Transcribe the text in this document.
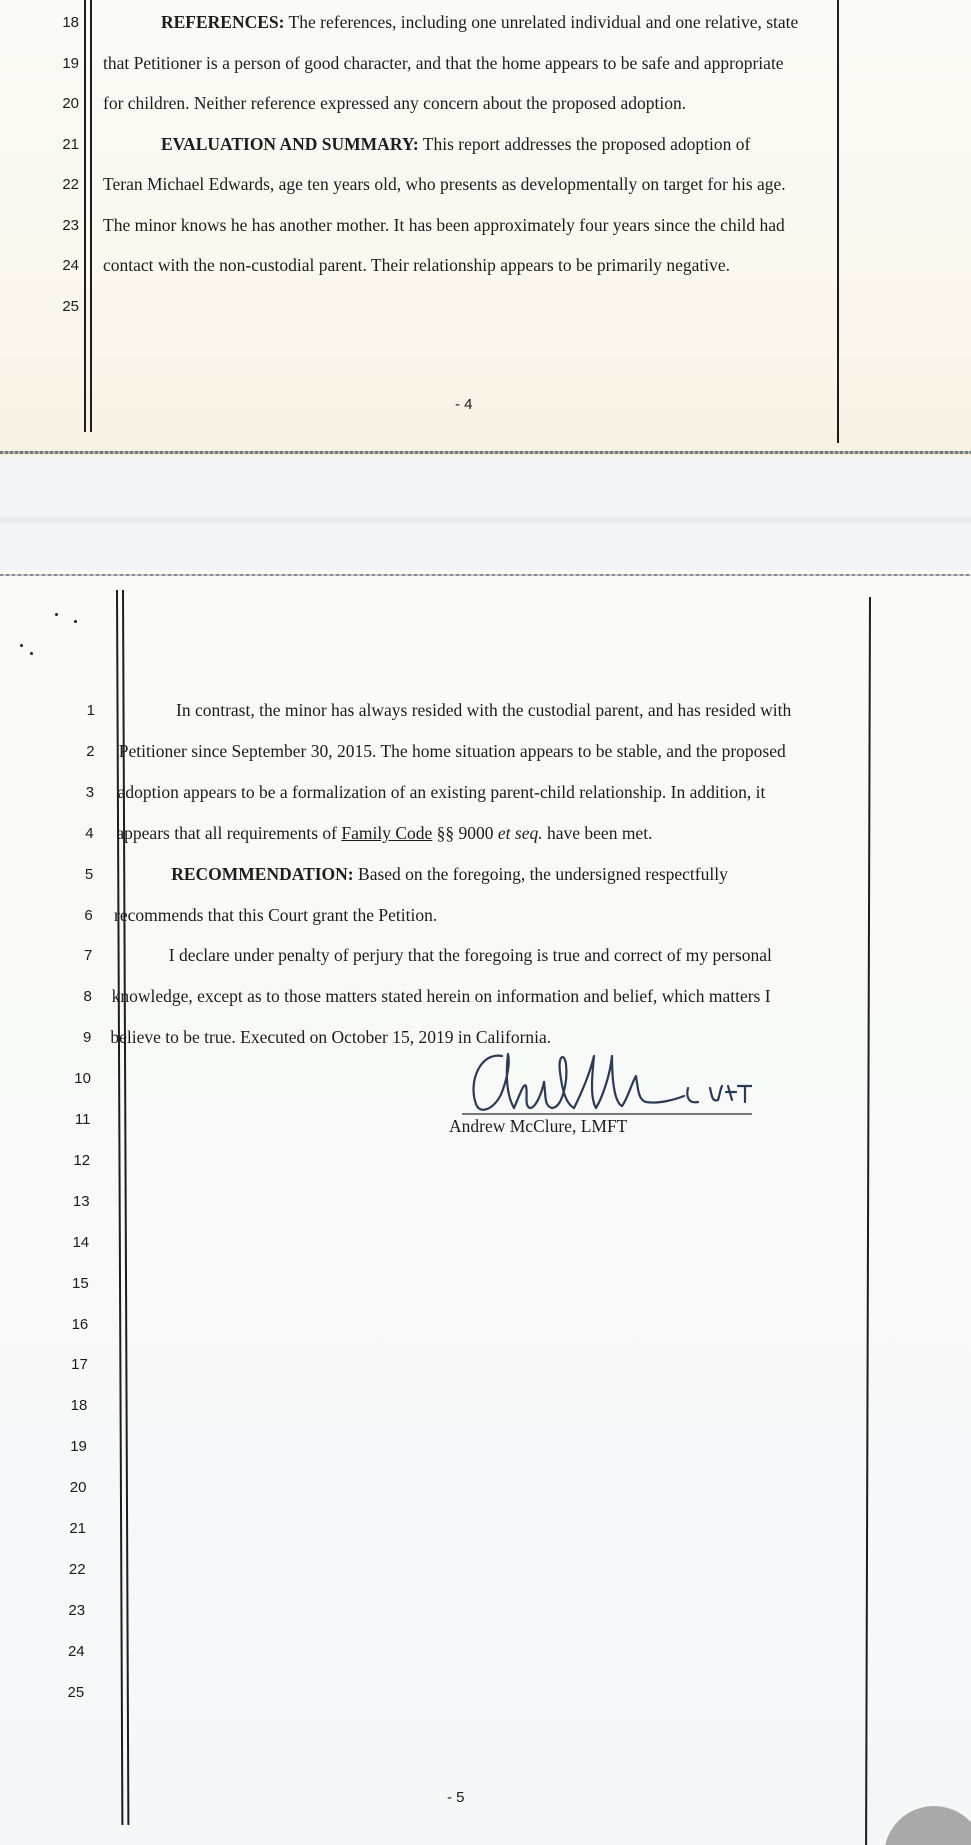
18	REFERENCES: The references, including one unrelated individual and one relative, state
19 that Petitioner is a person of good character, and that the home appears to be safe and appropriate
20 for children. Neither reference expressed any concern about the proposed adoption.
21	EVALUATION AND SUMMARY: This report addresses the proposed adoption of
22 Teran Michael Edwards, age ten years old, who presents as developmentally on target for his age.
23 The minor knows he has another mother. It has been approximately four years since the child had
24 contact with the non-custodial parent. Their relationship appears to be primarily negative.
25
- 4
1	In contrast, the minor has always resided with the custodial parent, and has resided with
2 Petitioner since September 30, 2015. The home situation appears to be stable, and the proposed
3 adoption appears to be a formalization of an existing parent-child relationship. In addition, it
4 appears that all requirements of Family Code §§ 9000 et seq. have been met.
5	RECOMMENDATION: Based on the foregoing, the undersigned respectfully
6 recommends that this Court grant the Petition.
7	I declare under penalty of perjury that the foregoing is true and correct of my personal
8 knowledge, except as to those matters stated herein on information and belief, which matters I
9 believe to be true. Executed on October 15, 2019 in California.
10
11
12
13
14
15
16
17
18
19
20
21
22
23
24
25
Andrew McClure, LMFT
- 5
